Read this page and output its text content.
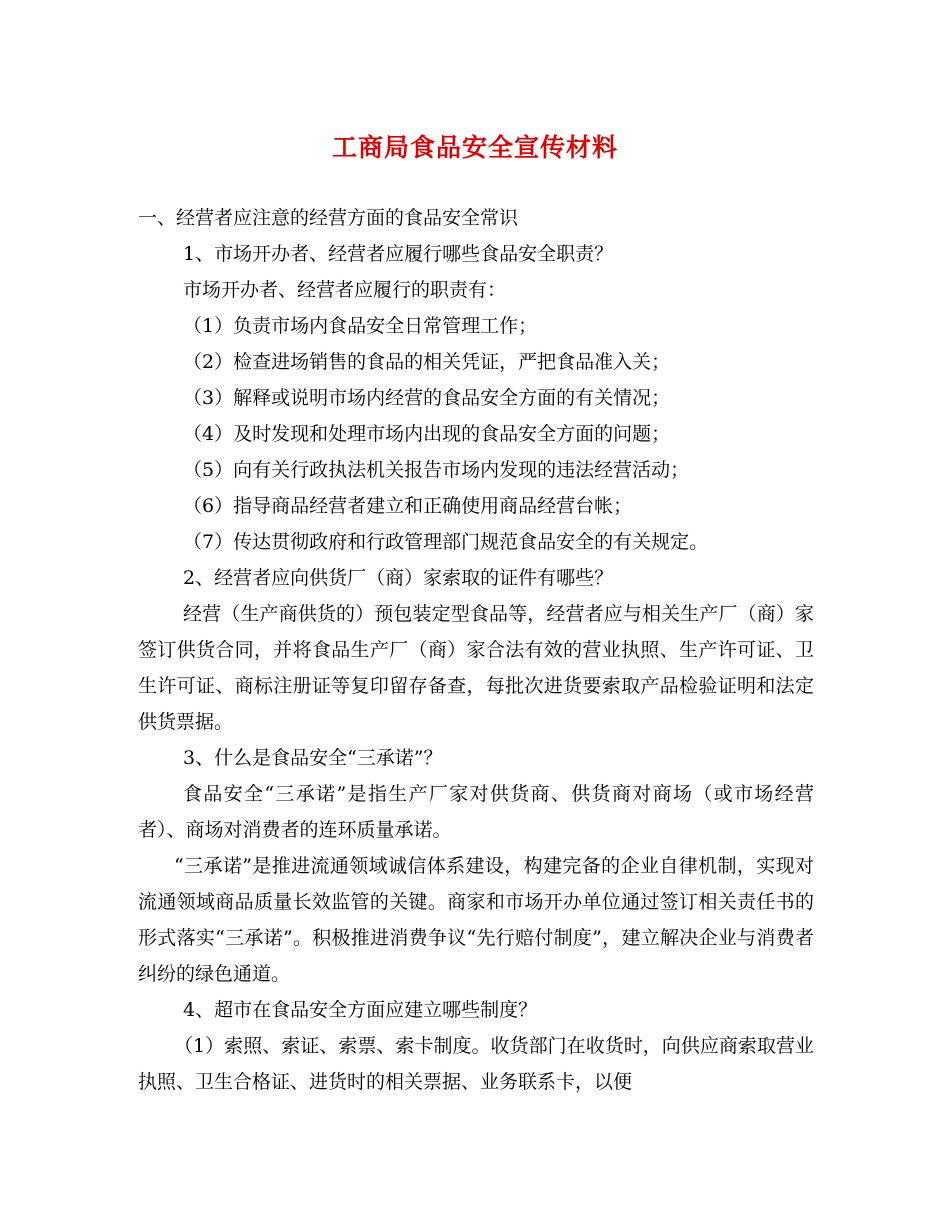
工商局食品安全宣传材料

一、经营者应注意的经营方面的食品安全常识

1、市场开办者、经营者应履行哪些食品安全职责？

市场开办者、经营者应履行的职责有：

（1）负责市场内食品安全日常管理工作；

（2）检查进场销售的食品的相关凭证，严把食品准入关；

（3）解释或说明市场内经营的食品安全方面的有关情况；

（4）及时发现和处理市场内出现的食品安全方面的问题；

（5）向有关行政执法机关报告市场内发现的违法经营活动；

（6）指导商品经营者建立和正确使用商品经营台帐；

（7）传达贯彻政府和行政管理部门规范食品安全的有关规定。

2、经营者应向供货厂（商）家索取的证件有哪些？

经营（生产商供货的）预包装定型食品等，经营者应与相关生产厂（商）家签订供货合同，并将食品生产厂（商）家合法有效的营业执照、生产许可证、卫生许可证、商标注册证等复印留存备查，每批次进货要索取产品检验证明和法定供货票据。

3、什么是食品安全“三承诺”？

食品安全“三承诺”是指生产厂家对供货商、供货商对商场（或市场经营者）、商场对消费者的连环质量承诺。

“三承诺”是推进流通领域诚信体系建设，构建完备的企业自律机制，实现对流通领域商品质量长效监管的关键。商家和市场开办单位通过签订相关责任书的形式落实“三承诺”。积极推进消费争议“先行赔付制度”，建立解决企业与消费者纠纷的绿色通道。

4、超市在食品安全方面应建立哪些制度？

（1）索照、索证、索票、索卡制度。收货部门在收货时，向供应商索取营业执照、卫生合格证、进货时的相关票据、业务联系卡，以便
